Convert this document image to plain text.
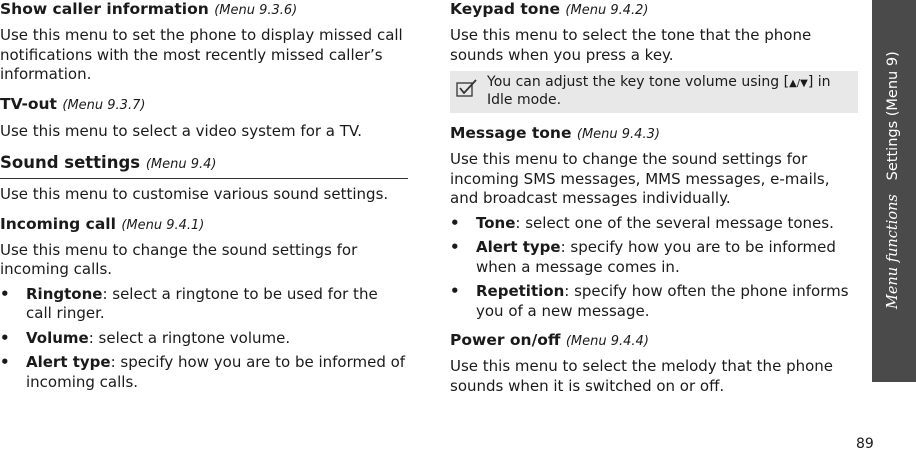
Show caller information (Menu 9.3.6)

Use this menu to set the phone to display missed call notifications with the most recently missed caller’s information.

TV-out (Menu 9.3.7)

Use this menu to select a video system for a TV.

Sound settings (Menu 9.4)

Use this menu to customise various sound settings.

Incoming call (Menu 9.4.1)

Use this menu to change the sound settings for incoming calls.

• Ringtone: select a ringtone to be used for the call ringer.
• Volume: select a ringtone volume.
• Alert type: specify how you are to be informed of incoming calls.
Keypad tone (Menu 9.4.2)

Use this menu to select the tone that the phone sounds when you press a key.

You can adjust the key tone volume using [▲/▼] in Idle mode.

Message tone (Menu 9.4.3)

Use this menu to change the sound settings for incoming SMS messages, MMS messages, e-mails, and broadcast messages individually.

• Tone: select one of the several message tones.
• Alert type: specify how you are to be informed when a message comes in.
• Repetition: specify how often the phone informs you of a new message.
Power on/off (Menu 9.4.4)

Use this menu to select the melody that the phone sounds when it is switched on or off.

Menu functions   Settings (Menu 9)
89
